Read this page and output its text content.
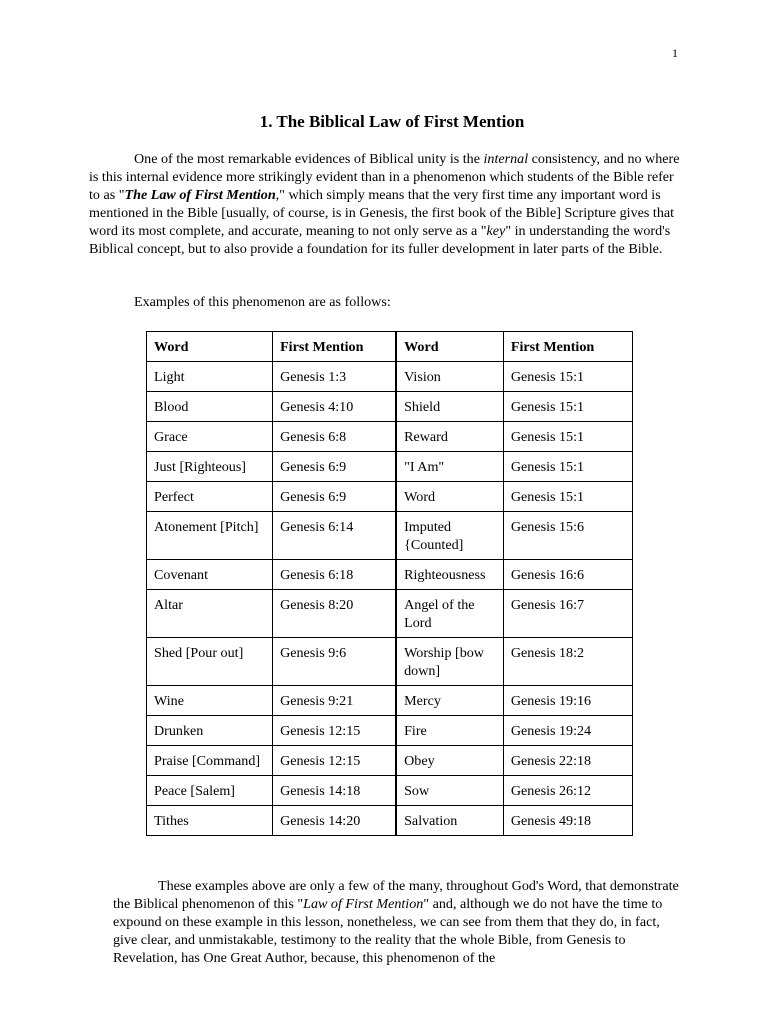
1
1. The Biblical Law of First Mention

One of the most remarkable evidences of Biblical unity is the internal consistency, and no where is this internal evidence more strikingly evident than in a phenomenon which students of the Bible refer to as "The Law of First Mention," which simply means that the very first time any important word is mentioned in the Bible [usually, of course, is in Genesis, the first book of the Bible] Scripture gives that word its most complete, and accurate, meaning to not only serve as a "key" in understanding the word's Biblical concept, but to also provide a foundation for its fuller development in later parts of the Bible.

Examples of this phenomenon are as follows:

Word	First Mention	Word	First Mention
Light	Genesis 1:3	Vision	Genesis 15:1
Blood	Genesis 4:10	Shield	Genesis 15:1
Grace	Genesis 6:8	Reward	Genesis 15:1
Just [Righteous]	Genesis 6:9	"I Am"	Genesis 15:1
Perfect	Genesis 6:9	Word	Genesis 15:1
Atonement [Pitch]	Genesis 6:14	Imputed {Counted]	Genesis 15:6
Covenant	Genesis 6:18	Righteousness	Genesis 16:6
Altar	Genesis 8:20	Angel of the Lord	Genesis 16:7
Shed [Pour out]	Genesis 9:6	Worship [bow down]	Genesis 18:2
Wine	Genesis 9:21	Mercy	Genesis 19:16
Drunken	Genesis 12:15	Fire	Genesis 19:24
Praise [Command]	Genesis 12:15	Obey	Genesis 22:18
Peace [Salem]	Genesis 14:18	Sow	Genesis 26:12
Tithes	Genesis 14:20	Salvation	Genesis 49:18

These examples above are only a few of the many, throughout God's Word, that demonstrate the Biblical phenomenon of this "Law of First Mention" and, although we do not have the time to expound on these example in this lesson, nonetheless, we can see from them that they do, in fact, give clear, and unmistakable, testimony to the reality that the whole Bible, from Genesis to Revelation, has One Great Author, because, this phenomenon of the
